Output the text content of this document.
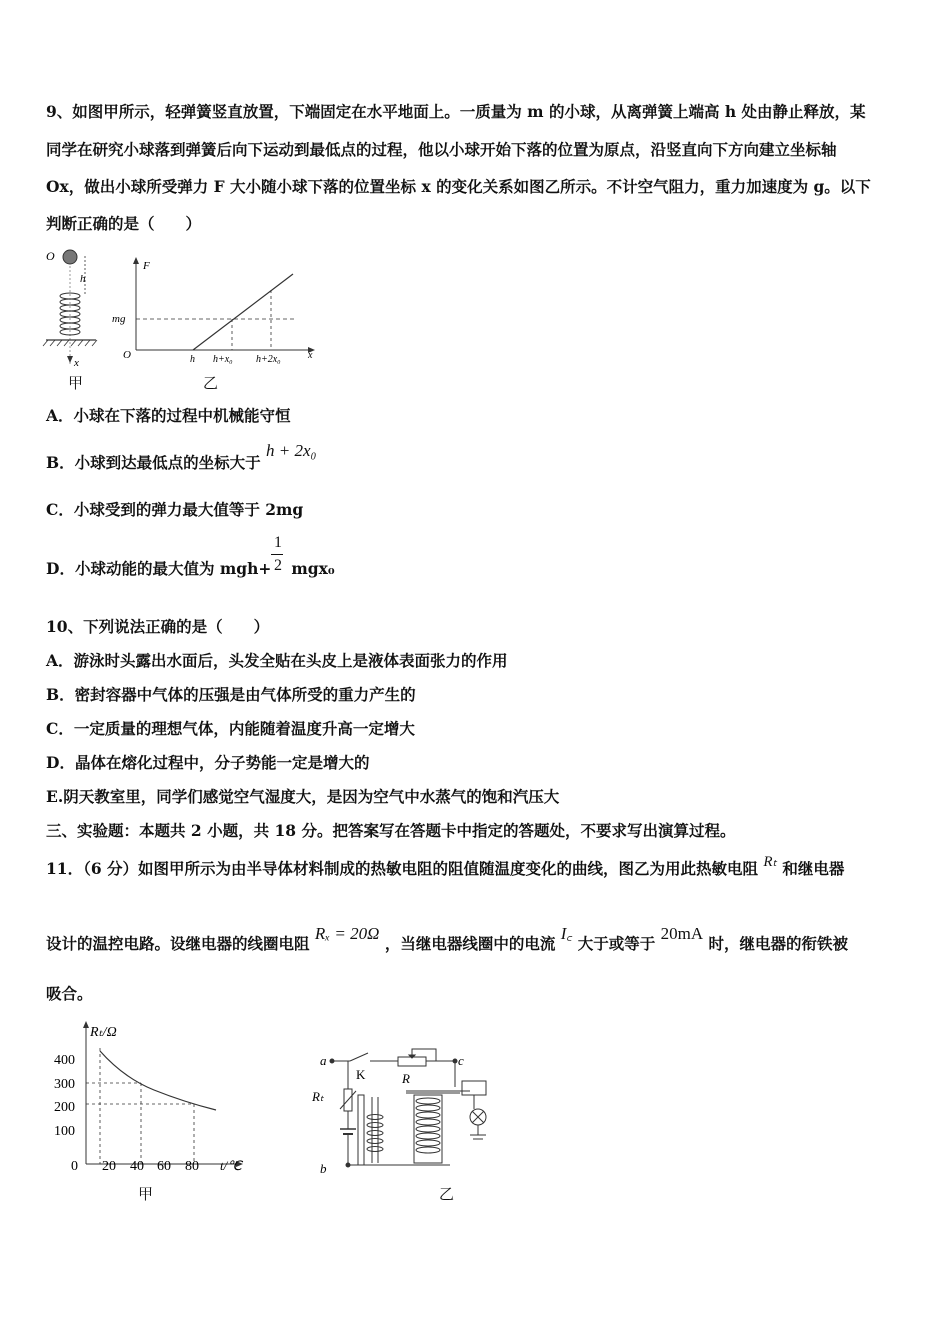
9、如图甲所示，轻弹簧竖直放置，下端固定在水平地面上。一质量为 m 的小球，从离弹簧上端高 h 处由静止释放，某
同学在研究小球落到弹簧后向下运动到最低点的过程，他以小球开始下落的位置为原点，沿竖直向下方向建立坐标轴
Ox，做出小球所受弹力 F 大小随小球下落的位置坐标 x 的变化关系如图乙所示。不计空气阻力，重力加速度为 g。以下
判断正确的是（　　）
O
h
x
甲
F
mg
O	h h+x₀ h+2x₀	x
乙
A．小球在下落的过程中机械能守恒
B．小球到达最低点的坐标大于 h + 2x₀
C．小球受到的弹力最大值等于 2mg
D．小球动能的最大值为 mgh+ mgx₀
1
2
10、下列说法正确的是（　　）
A．游泳时头露出水面后，头发全贴在头皮上是液体表面张力的作用
B．密封容器中气体的压强是由气体所受的重力产生的
C．一定质量的理想气体，内能随着温度升高一定增大
D．晶体在熔化过程中，分子势能一定是增大的
E.阴天教室里，同学们感觉空气湿度大，是因为空气中水蒸气的饱和汽压大
三、实验题：本题共 2 小题，共 18 分。把答案写在答题卡中指定的答题处，不要求写出演算过程。
11．（6 分）如图甲所示为由半导体材料制成的热敏电阻的阻值随温度变化的曲线，图乙为用此热敏电阻 Rₜ 和继电器
设计的温控电路。设继电器的线圈电阻 Rₓ = 20Ω ，当继电器线圈中的电流 I꜀ 大于或等于 20mA 时，继电器的衔铁被
吸合。
Rₜ/Ω
t/℃
400
300
200
100
0 20 40 60 80
甲
a
b
c
K	R
Rₜ
乙
